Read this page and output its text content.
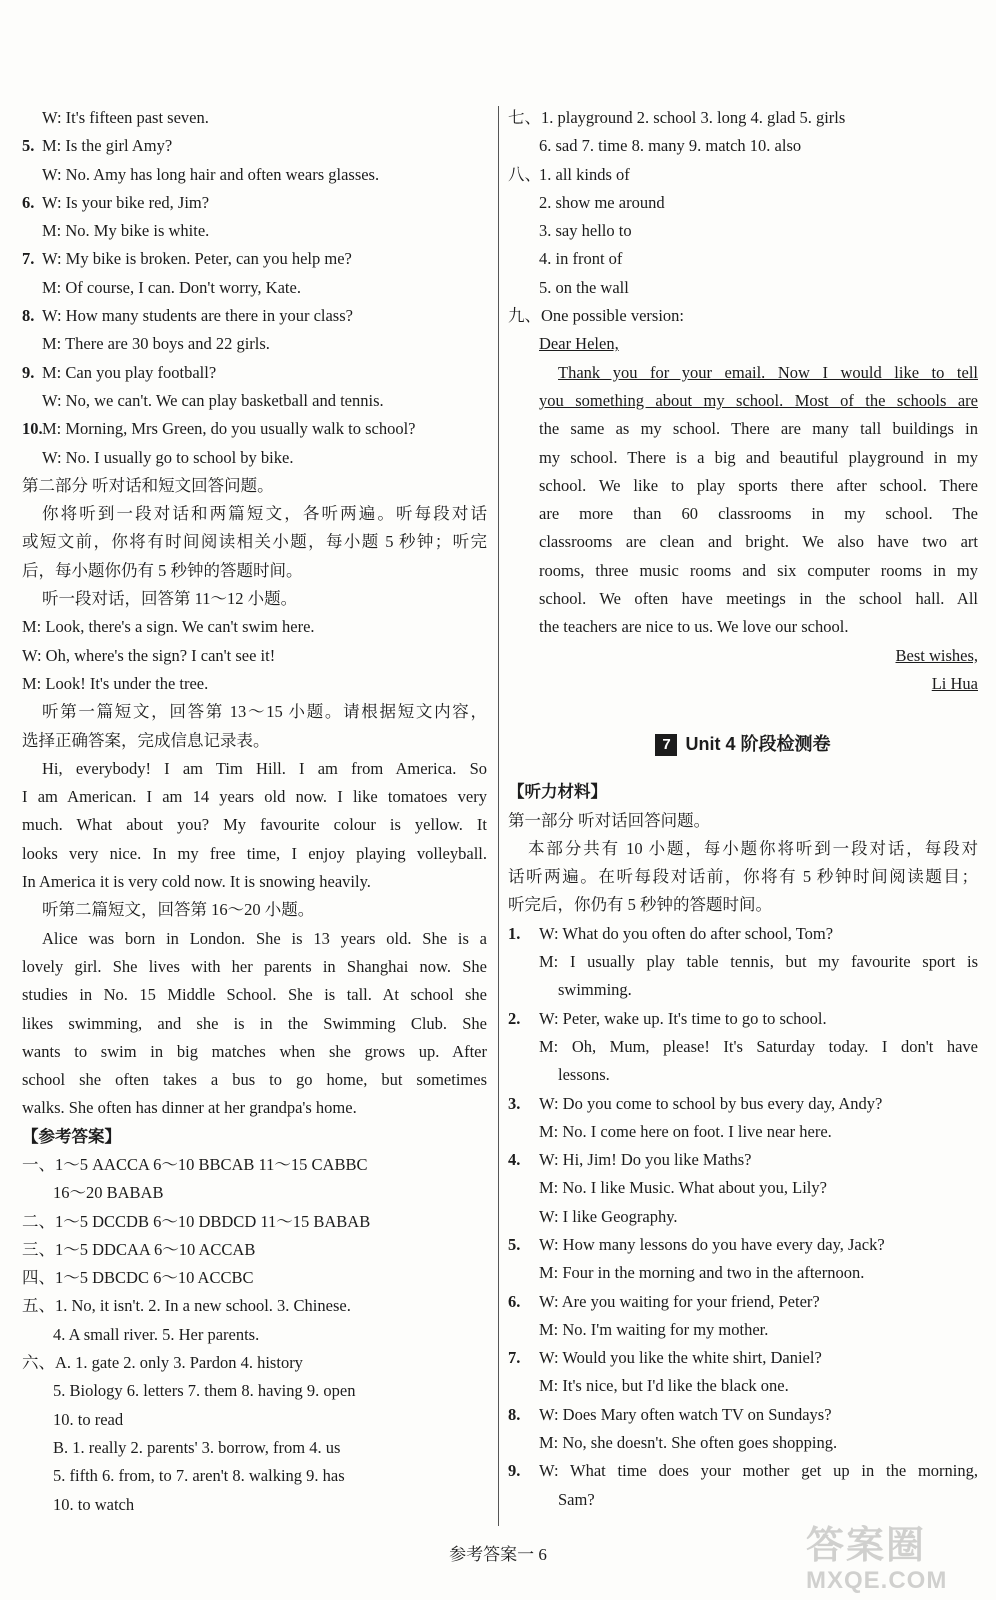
W: It's fifteen past seven.
5. M: Is the girl Amy?
W: No. Amy has long hair and often wears glasses.
6. W: Is your bike red, Jim?
M: No. My bike is white.
7. W: My bike is broken. Peter, can you help me?
M: Of course, I can. Don't worry, Kate.
8. W: How many students are there in your class?
M: There are 30 boys and 22 girls.
9. M: Can you play football?
W: No, we can't. We can play basketball and tennis.
10. M: Morning, Mrs Green, do you usually walk to school?
W: No. I usually go to school by bike.
第二部分 听对话和短文回答问题。
你将听到一段对话和两篇短文，各听两遍。听每段对话
或短文前，你将有时间阅读相关小题，每小题 5 秒钟；听完
后，每小题你仍有 5 秒钟的答题时间。
听一段对话，回答第 11～12 小题。
M: Look, there's a sign. We can't swim here.
W: Oh, where's the sign? I can't see it!
M: Look! It's under the tree.
听第一篇短文，回答第 13～15 小题。请根据短文内容，
选择正确答案，完成信息记录表。
Hi, everybody! I am Tim Hill. I am from America. So
I am American. I am 14 years old now. I like tomatoes very
much. What about you? My favourite colour is yellow. It
looks very nice. In my free time, I enjoy playing volleyball.
In America it is very cold now. It is snowing heavily.
听第二篇短文，回答第 16～20 小题。
Alice was born in London. She is 13 years old. She is a
lovely girl. She lives with her parents in Shanghai now. She
studies in No. 15 Middle School. She is tall. At school she
likes swimming, and she is in the Swimming Club. She
wants to swim in big matches when she grows up. After
school she often takes a bus to go home, but sometimes
walks. She often has dinner at her grandpa's home.
【参考答案】
一、1～5 AACCA 6～10 BBCAB 11～15 CABBC
16～20 BABAB
二、1～5 DCCDB 6～10 DBDCD 11～15 BABAB
三、1～5 DDCAA 6～10 ACCAB
四、1～5 DBCDC 6～10 ACCBC
五、1. No, it isn't. 2. In a new school. 3. Chinese.
4. A small river. 5. Her parents.
六、A. 1. gate 2. only 3. Pardon 4. history
5. Biology 6. letters 7. them 8. having 9. open
10. to read
B. 1. really 2. parents' 3. borrow, from 4. us
5. fifth 6. from, to 7. aren't 8. walking 9. has
10. to watch
七、1. playground 2. school 3. long 4. glad 5. girls
6. sad 7. time 8. many 9. match 10. also
八、
1. all kinds of
2. show me around
3. say hello to
4. in front of
5. on the wall
九、One possible version:
Dear Helen,
Thank you for your email. Now I would like to tell
you something about my school. Most of the schools are
the same as my school. There are many tall buildings in
my school. There is a big and beautiful playground in my
school. We like to play sports there after school. There
are more than 60 classrooms in my school. The
classrooms are clean and bright. We also have two art
rooms, three music rooms and six computer rooms in my
school. We often have meetings in the school hall. All
the teachers are nice to us. We love our school.
Best wishes,
Li Hua
7 Unit 4 阶段检测卷
【听力材料】
第一部分 听对话回答问题。
本部分共有 10 小题，每小题你将听到一段对话，每段对
话听两遍。在听每段对话前，你将有 5 秒钟时间阅读题目；
听完后，你仍有 5 秒钟的答题时间。
1. W: What do you often do after school, Tom?
M: I usually play table tennis, but my favourite sport is
swimming.
2. W: Peter, wake up. It's time to go to school.
M: Oh, Mum, please! It's Saturday today. I don't have
lessons.
3. W: Do you come to school by bus every day, Andy?
M: No. I come here on foot. I live near here.
4. W: Hi, Jim! Do you like Maths?
M: No. I like Music. What about you, Lily?
W: I like Geography.
5. W: How many lessons do you have every day, Jack?
M: Four in the morning and two in the afternoon.
6. W: Are you waiting for your friend, Peter?
M: No. I'm waiting for my mother.
7. W: Would you like the white shirt, Daniel?
M: It's nice, but I'd like the black one.
8. W: Does Mary often watch TV on Sundays?
M: No, she doesn't. She often goes shopping.
9. W: What time does your mother get up in the morning,
Sam?
参考答案一 6	答案圈
MXQE.COM
